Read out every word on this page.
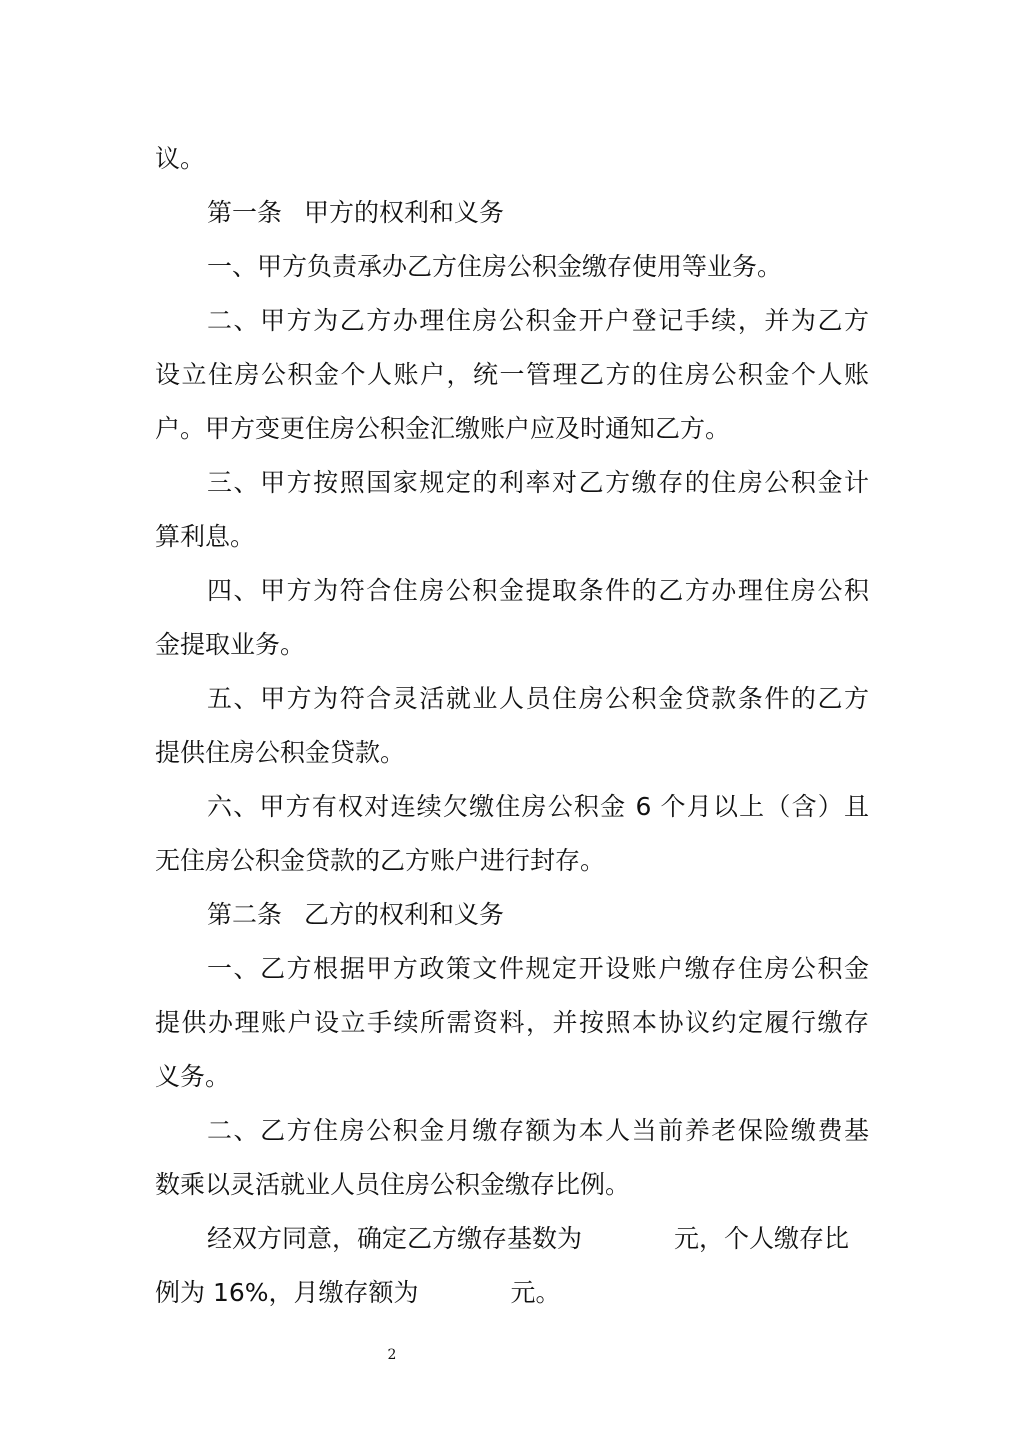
议。
第一条 甲方的权利和义务
一、甲方负责承办乙方住房公积金缴存使用等业务。
二、甲方为乙方办理住房公积金开户登记手续，并为乙方
设立住房公积金个人账户，统一管理乙方的住房公积金个人账
户。甲方变更住房公积金汇缴账户应及时通知乙方。
三、甲方按照国家规定的利率对乙方缴存的住房公积金计
算利息。
四、甲方为符合住房公积金提取条件的乙方办理住房公积
金提取业务。
五、甲方为符合灵活就业人员住房公积金贷款条件的乙方
提供住房公积金贷款。
六、甲方有权对连续欠缴住房公积金 6 个月以上（含）且
无住房公积金贷款的乙方账户进行封存。
第二条 乙方的权利和义务
一、乙方根据甲方政策文件规定开设账户缴存住房公积金
提供办理账户设立手续所需资料，并按照本协议约定履行缴存
义务。
二、乙方住房公积金月缴存额为本人当前养老保险缴费基
数乘以灵活就业人员住房公积金缴存比例。
经双方同意，确定乙方缴存基数为	元，个人缴存比
例为 16%，月缴存额为	元。
2
